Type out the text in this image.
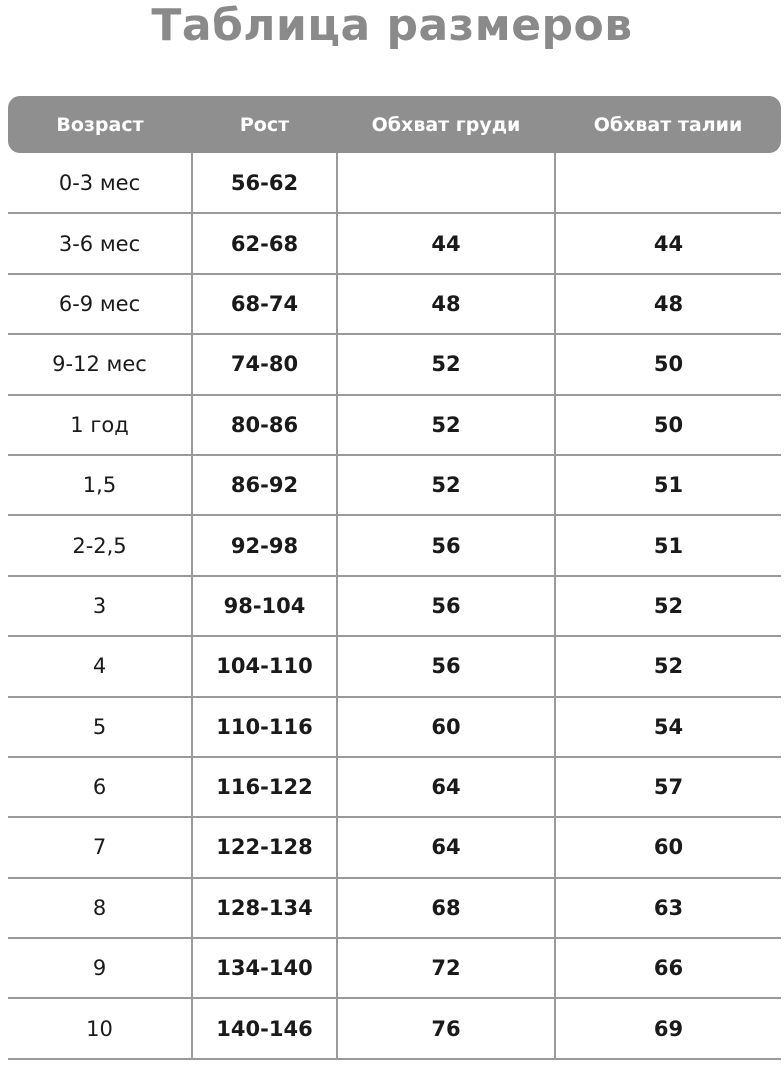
Таблица размеров
Возраст	Рост	Обхват груди	Обхват талии
0-3 мес	56-62		
3-6 мес	62-68	44	44
6-9 мес	68-74	48	48
9-12 мес	74-80	52	50
1 год	80-86	52	50
1,5	86-92	52	51
2-2,5	92-98	56	51
3	98-104	56	52
4	104-110	56	52
5	110-116	60	54
6	116-122	64	57
7	122-128	64	60
8	128-134	68	63
9	134-140	72	66
10	140-146	76	69
